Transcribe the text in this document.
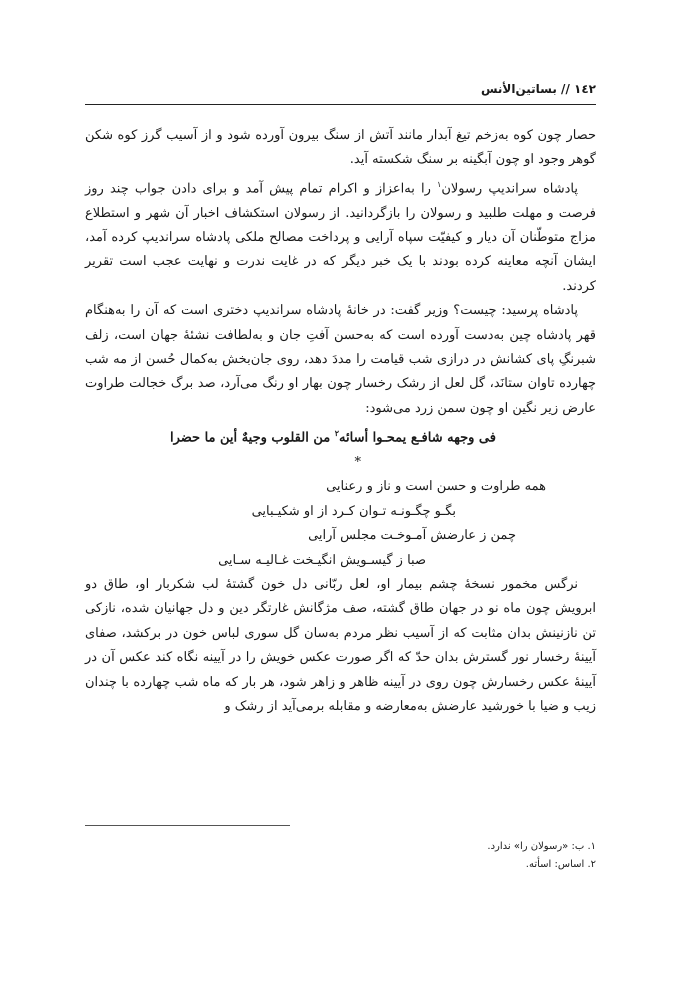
١٤٢ // بساتين‌الأنس

حصار چون کوه به‌زخم تیغ آبدار مانند آتش از سنگ بیرون آورده شود و از آسیب گرز کوه شکن گوهر وجود او چون آبگینه بر سنگ شکسته آید.

پادشاه سراندیپ رسولان$^١$ را به‌اعزاز و اکرام تمام پیش آمد و برای دادن جواب چند روز فرصت و مهلت طلبید و رسولان را بازگردانید. از رسولان استکشاف اخبار آن شهر و استطلاع مزاج متوطّنان آن دیار و کیفیّت سپاه آرایی و پرداخت مصالح ملکی پادشاه سراندیپ کرده آمد، ایشان آنچه معاینه کرده بودند با یک خبر دیگر که در غایت ندرت و نهایت عجب است تقریر کردند.

پادشاه پرسید: چیست؟ وزیر گفت: در خانهٔ پادشاه سراندیپ دختری است که آن را به‌هنگام قهر پادشاه چین به‌دست آورده است که به‌حسن آفتِ جان و به‌لطافت نشئهٔ جهان است، زلف شبرنگِ پای کشانش در درازی شب قیامت را مددَ دهد، روی جان‌بخش به‌کمال حُسن از مه شب چهارده تاوان ستانَد، گل لعل از رشک رخسار چون بهار او رنگ می‌آرد، صد برگ خجالت طراوت عارض زیر نگین او چون سمن زرد می‌شود:

فی وجهه شافـع یمحـوا أسائه$^٢$ من القلوب وجیهٌ أین ما حضرا

*

همه طراوت و حسن است و ناز و رعنایی

بگـو چگـونـه تـوان کـرد از او شکیـبایی

چمن ز عارضش آمـوخـت مجلس آرایی

صبا ز گیسـویش انگیـخت غـالیـه سـایی

نرگس مخمور نسخهٔ چشم بیمار او، لعل ربّانی دل خون گشتهٔ لب شکربار او، طاق دو ابرویش چون ماه نو در جهان طاق گشته، صف مژگانش غارتگر دین و دل جهانیان شده، نازکی تن نازنینش بدان مثابت که از آسیب نظر مردم به‌سان گل سوری لباس خون در برکشد، صفای آیینهٔ رخسار نور گسترش بدان حدّ که اگر صورت عکس خویش را در آیینه نگاه کند عکس آن در آیینهٔ عکس رخسارش چون روی در آیینه ظاهر و زاهر شود، هر بار که ماه شب چهارده با چندان زیب و ضیا با خورشید عارضش به‌معارضه و مقابله برمی‌آید از رشک و

١. ب: «رسولان را» ندارد.

٢. اساس: اسأته.
